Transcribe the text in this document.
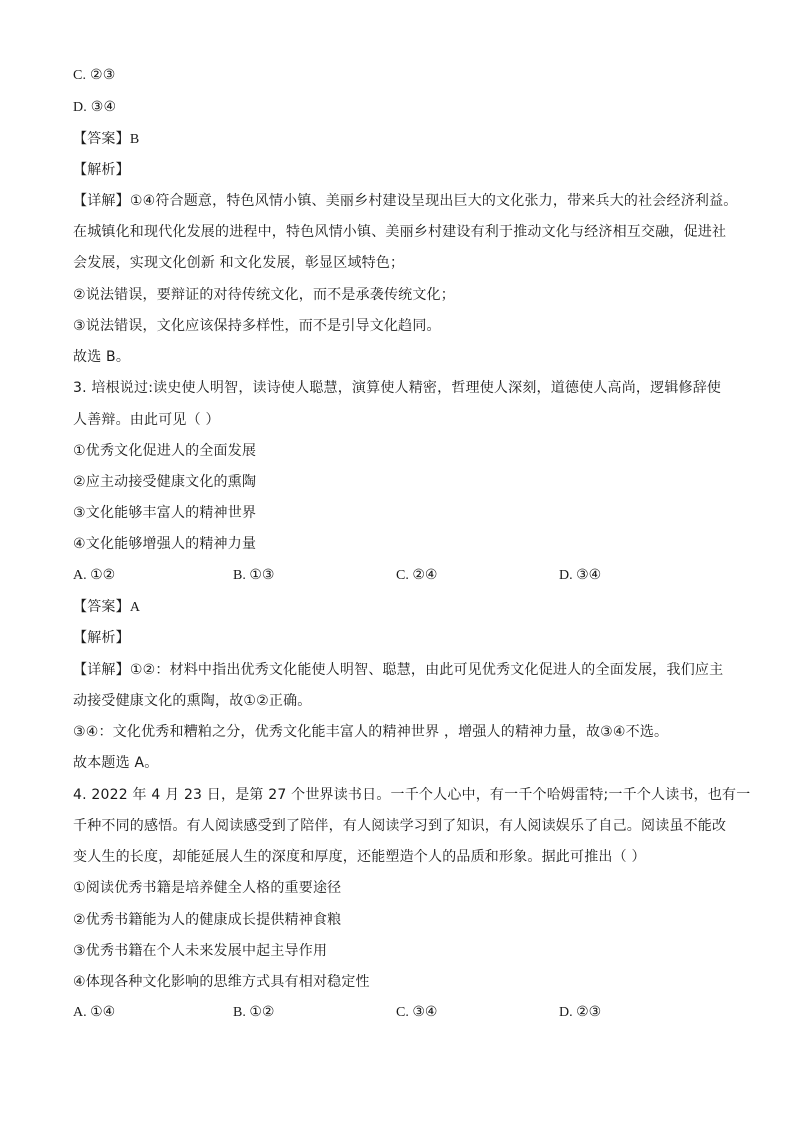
C. ②③
D. ③④
【答案】B
【解析】
【详解】①④符合题意，特色风情小镇、美丽乡村建设呈现出巨大的文化张力，带来兵大的社会经济利益。
在城镇化和现代化发展的进程中，特色风情小镇、美丽乡村建设有利于推动文化与经济相互交融，促进社
会发展，实现文化创新 和文化发展，彰显区域特色；
②说法错误，要辩证的对待传统文化，而不是承袭传统文化；
③说法错误，文化应该保持多样性，而不是引导文化趋同。
故选 B。
3. 培根说过:读史使人明智，读诗使人聪慧，演算使人精密，哲理使人深刻，道德使人高尚，逻辑修辞使
人善辩。由此可见（ ）
①优秀文化促进人的全面发展
②应主动接受健康文化的熏陶
③文化能够丰富人的精神世界
④文化能够增强人的精神力量
A. ①②	B. ①③	C. ②④	D. ③④
【答案】A
【解析】
【详解】①②：材料中指出优秀文化能使人明智、聪慧，由此可见优秀文化促进人的全面发展，我们应主
动接受健康文化的熏陶，故①②正确。
③④：文化优秀和糟粕之分，优秀文化能丰富人的精神世界 ，增强人的精神力量，故③④不选。
故本题选 A。
4. 2022 年 4 月 23 日，是第 27 个世界读书日。一千个人心中，有一千个哈姆雷特;一千个人读书，也有一
千种不同的感悟。有人阅读感受到了陪伴，有人阅读学习到了知识，有人阅读娱乐了自己。阅读虽不能改
变人生的长度，却能延展人生的深度和厚度，还能塑造个人的品质和形象。据此可推出（ ）
①阅读优秀书籍是培养健全人格的重要途径
②优秀书籍能为人的健康成长提供精神食粮
③优秀书籍在个人未来发展中起主导作用
④体现各种文化影响的思维方式具有相对稳定性
A. ①④	B. ①②	C. ③④	D. ②③
